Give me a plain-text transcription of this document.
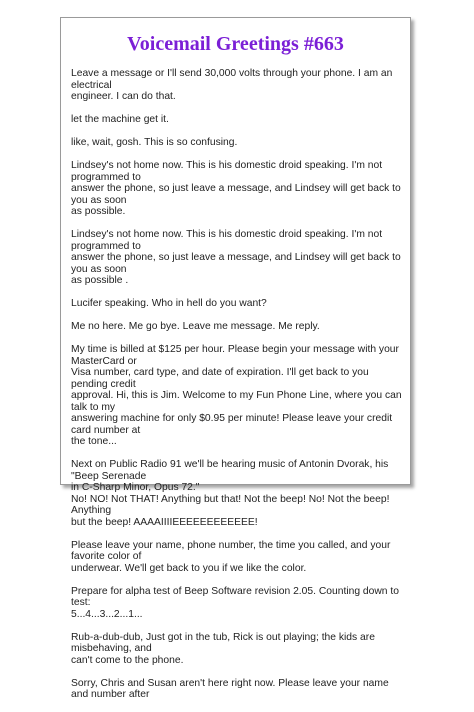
Voicemail Greetings #663

Leave a message or I'll send 30,000 volts through your phone. I am an electrical
engineer. I can do that.

let the machine get it.

like, wait, gosh. This is so confusing.

Lindsey's not home now. This is his domestic droid speaking. I'm not programmed to
answer the phone, so just leave a message, and Lindsey will get back to you as soon
as possible.

Lindsey's not home now. This is his domestic droid speaking. I'm not programmed to
answer the phone, so just leave a message, and Lindsey will get back to you as soon
as possible .

Lucifer speaking. Who in hell do you want?

Me no here. Me go bye. Leave me message. Me reply.

My time is billed at $125 per hour. Please begin your message with your MasterCard or
Visa number, card type, and date of expiration. I'll get back to you pending credit
approval. Hi, this is Jim. Welcome to my Fun Phone Line, where you can talk to my
answering machine for only $0.95 per minute! Please leave your credit card number at
the tone...

Next on Public Radio 91 we'll be hearing music of Antonin Dvorak, his "Beep Serenade
in C-Sharp Minor, Opus 72."
No! NO! Not THAT! Anything but that! Not the beep! No! Not the beep! Anything
but the beep! AAAAIIIIEEEEEEEEEEEE!

Please leave your name, phone number, the time you called, and your favorite color of
underwear. We'll get back to you if we like the color.

Prepare for alpha test of Beep Software revision 2.05. Counting down to test:
5...4...3...2...1...

Rub-a-dub-dub, Just got in the tub, Rick is out playing; the kids are misbehaving, and
can't come to the phone.

Sorry, Chris and Susan aren't here right now. Please leave your name and number after
